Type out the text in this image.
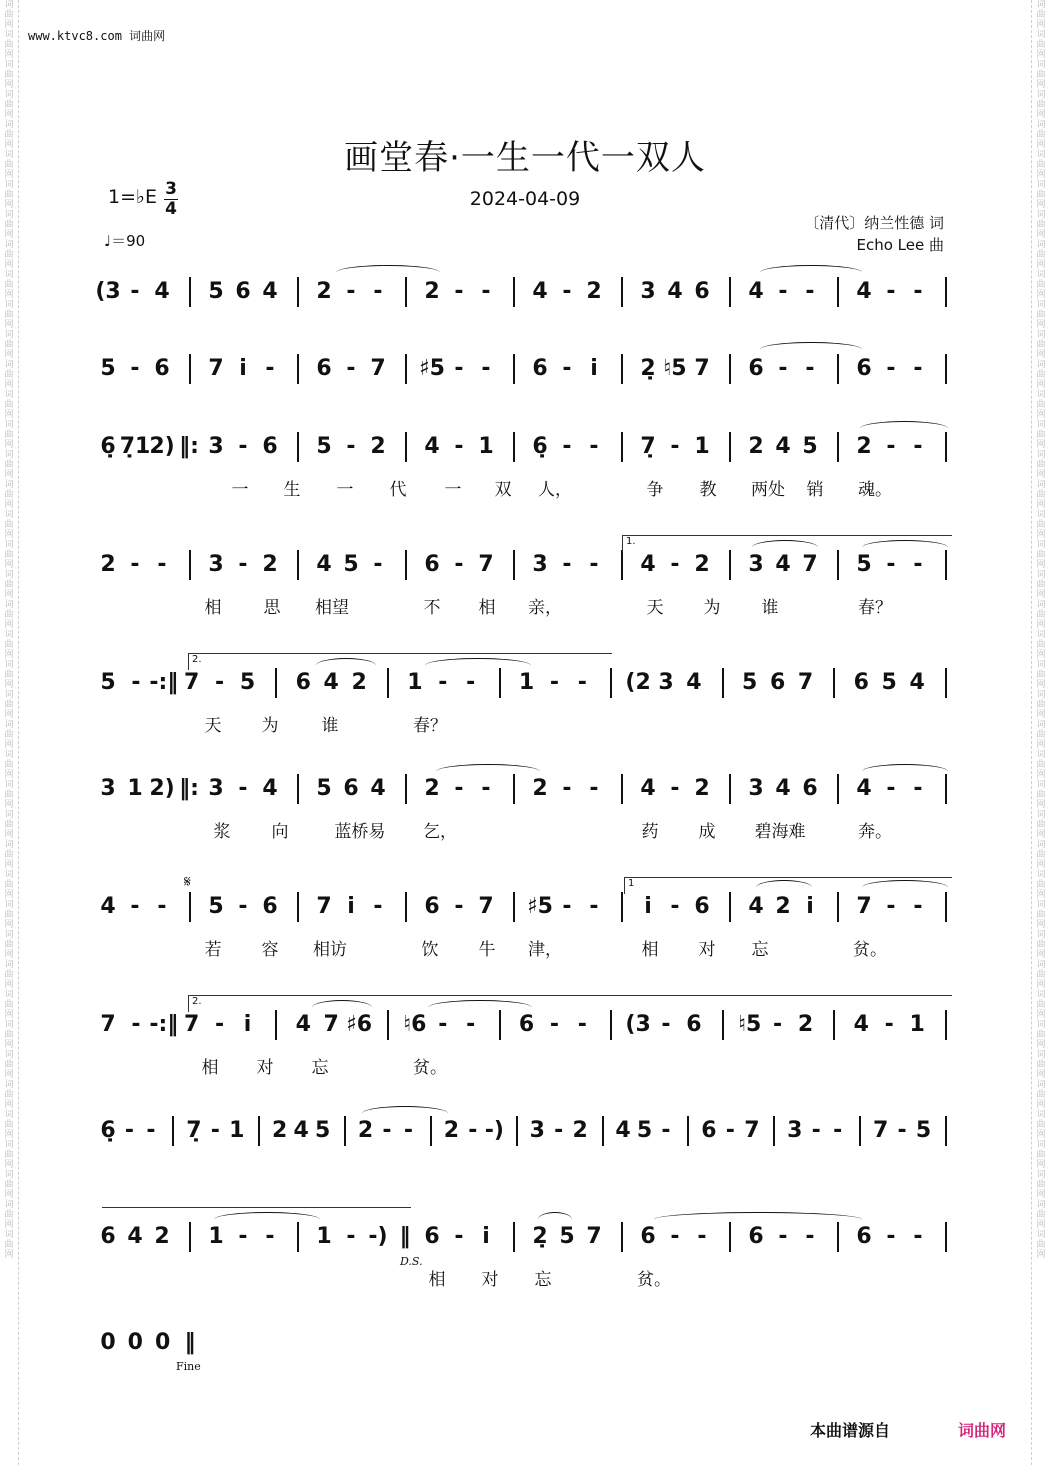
词曲网词曲网词曲网词曲网词曲网词曲网词曲网词曲网词曲网词曲网词曲网词曲网词曲网词曲网词曲网词曲网词曲网词曲网词曲网词曲网词曲网词曲网词曲网词曲网词曲网词曲网词曲网词曲网词曲网词曲网词曲网词曲网词曲网词曲网词曲网词曲网词曲网词曲网词曲网词曲网词曲网词曲网
词曲网词曲网词曲网词曲网词曲网词曲网词曲网词曲网词曲网词曲网词曲网词曲网词曲网词曲网词曲网词曲网词曲网词曲网词曲网词曲网词曲网词曲网词曲网词曲网词曲网词曲网词曲网词曲网词曲网词曲网词曲网词曲网词曲网词曲网词曲网词曲网词曲网词曲网词曲网词曲网词曲网词曲网
www.ktvc8.com 词曲网
画堂春·一生一代一双人
2024-04-09
1=♭E 3
4
♩＝90
〔清代〕纳兰性德 词
Echo Lee 曲
(3 - 4 5 6 4 2 - - 2 - - 4 - 2 3 4 6 4 - - 4 - -
5 - 6 7 i - 6 - 7 ♯5 - - 6 - i 2̣ ♮5 7 6 - - 6 - -
6̣ 7̣1 2) ‖: 3 - 6 5 - 2 4 - 1 6̣ - - 7̣ - 1 2 4 5 2 - -
一 生 一 代 一 双 人，	争 教 两处 销 魂。
2 - - 3 - 2 4 5 - 6 - 7 3 - - 4 - 2 3 4 7 5 - -
相 思 相望	不 相 亲，	天 为 谁	春？
5 - -:‖ 7 - 5 6 4 2 1 - - 1 - - (2 3 4 5 6 7 6 5 4
天 为	谁	春？
3 1 2) ‖: 3 - 4 5 6 4 2 - - 2 - - 4 - 2 3 4 6 4 - -
浆 向	蓝桥易 乞，	药 成 碧海难	奔。
4 - - 5 - 6 7 i - 6 - 7 ♯5 - - i - 6 4 2 i 7 - -
若 容 相访	饮 牛 津，	相 对 忘	贫。
7 - -:‖ 7 - i 4 7 ♯6 ♮6 - - 6 - - (3 - 6 ♮5 - 2 4 - 1
相 对 忘	贫。
6̣ - - 7̣ - 1 2 4 5 2 - - 2 - -) 3 - 2 4 5 - 6 - 7 3 - - 7 - 5
6 4 2 1 - - 1 - -) ‖ 6 - i 2̣ 5 7 6 - - 6 - - 6 - -
相 对 忘	贫。
0 0 0 ‖
1.
2.
1
2.
𝄋
D.S.
Fine
本曲谱源自	词曲网
